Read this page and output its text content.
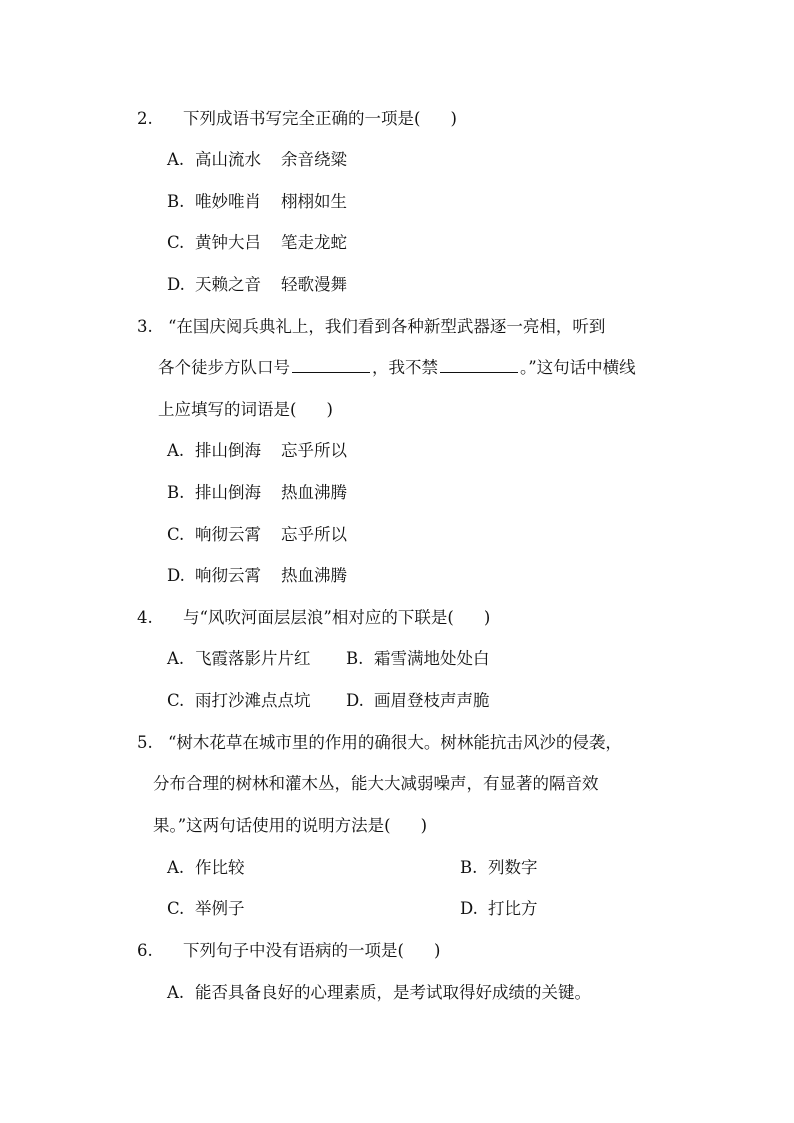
2.	下列成语书写完全正确的一项是( )
A. 高山流水 余音绕粱
B. 唯妙唯肖 栩栩如生
C. 黄钟大吕 笔走龙蛇
D. 天赖之音 轻歌漫舞
3. “在国庆阅兵典礼上，我们看到各种新型武器逐一亮相，听到
各个徒步方队口号	，我不禁	。”这句话中横线
上应填写的词语是( )
A. 排山倒海 忘乎所以
B. 排山倒海 热血沸腾
C. 响彻云霄 忘乎所以
D. 响彻云霄 热血沸腾
4.	与“风吹河面层层浪”相对应的下联是( )
A. 飞霞落影片片红 B. 霜雪满地处处白
C. 雨打沙滩点点坑 D. 画眉登枝声声脆
5. “树木花草在城市里的作用的确很大。树林能抗击风沙的侵袭，
分布合理的树林和灌木丛，能大大减弱噪声，有显著的隔音效
果。”这两句话使用的说明方法是( )
A. 作比较	B. 列数字
C. 举例子	D. 打比方
6.	下列句子中没有语病的一项是( )
A. 能否具备良好的心理素质，是考试取得好成绩的关键。
